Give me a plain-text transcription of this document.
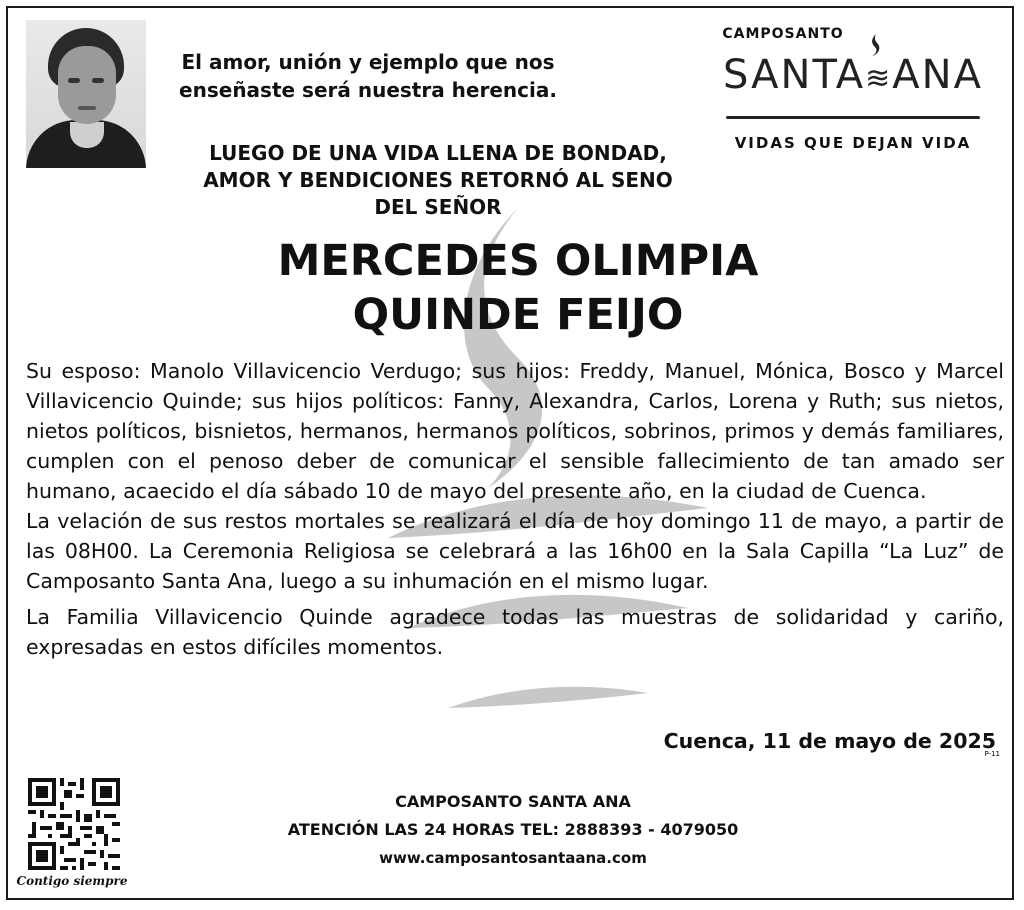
El amor, unión y ejemplo que nos
enseñaste será nuestra herencia.
LUEGO DE UNA VIDA LLENA DE BONDAD,
AMOR Y BENDICIONES RETORNÓ AL SENO
DEL SEÑOR
CAMPOSANTO
SANTA≋ANA
VIDAS QUE DEJAN VIDA
MERCEDES OLIMPIA
QUINDE FEIJO

Su esposo: Manolo Villavicencio Verdugo; sus hijos: Freddy, Manuel, Mónica, Bosco y Marcel Villavicencio Quinde; sus hijos políticos: Fanny, Alexandra, Carlos, Lorena y Ruth; sus nietos, nietos políticos, bisnietos, hermanos, hermanos políticos, sobrinos, primos y demás familiares, cumplen con el penoso deber de comunicar el sensible fallecimiento de tan amado ser humano, acaecido el día sábado 10 de mayo del presente año, en la ciudad de Cuenca.

La velación de sus restos mortales se realizará el día de hoy domingo 11 de mayo, a partir de las 08H00. La Ceremonia Religiosa se celebrará a las 16h00 en la Sala Capilla “La Luz” de Camposanto Santa Ana, luego a su inhumación en el mismo lugar.

La Familia Villavicencio Quinde agradece todas las muestras de solidaridad y cariño, expresadas en estos difíciles momentos.

Cuenca, 11 de mayo de 2025
P-11
Contigo siempre
CAMPOSANTO SANTA ANA
ATENCIÓN LAS 24 HORAS TEL: 2888393 - 4079050
www.camposantosantaana.com
